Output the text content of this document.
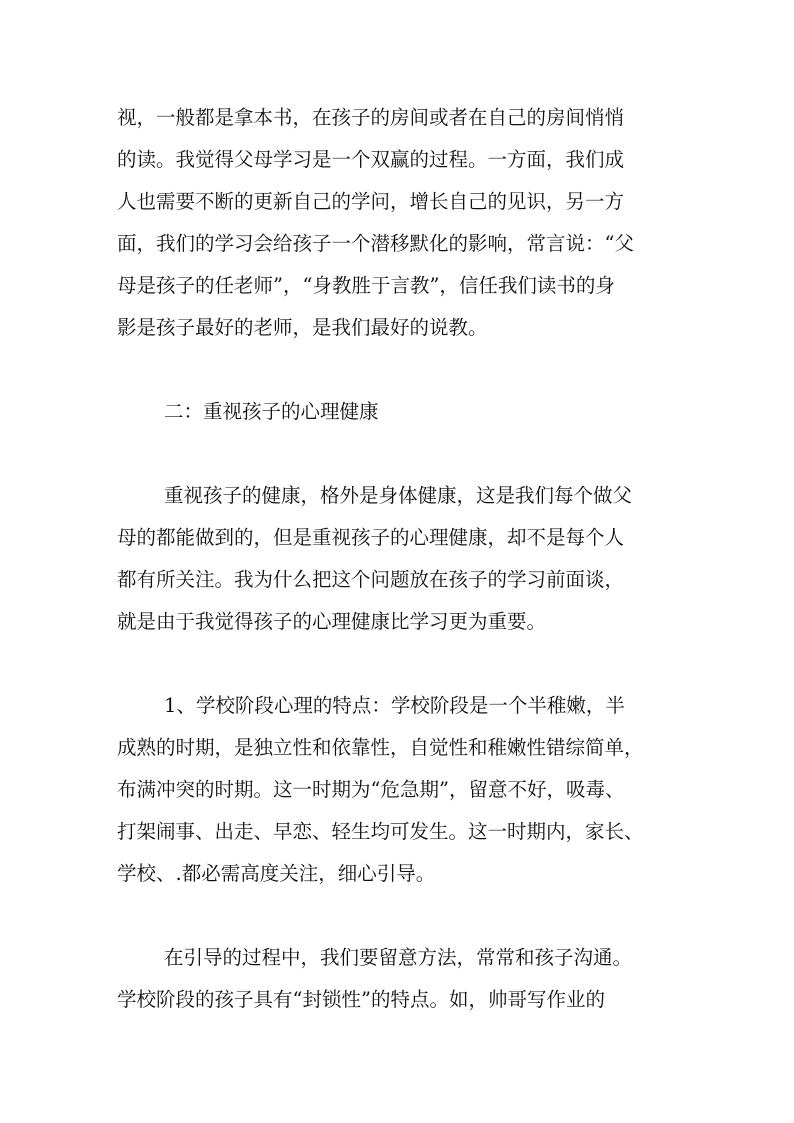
视，一般都是拿本书，在孩子的房间或者在自己的房间悄悄
的读。我觉得父母学习是一个双赢的过程。一方面，我们成
人也需要不断的更新自己的学问，增长自己的见识，另一方
面，我们的学习会给孩子一个潜移默化的影响，常言说：“父
母是孩子的任老师”，“身教胜于言教”，信任我们读书的身
影是孩子最好的老师，是我们最好的说教。
二：重视孩子的心理健康
重视孩子的健康，格外是身体健康，这是我们每个做父
母的都能做到的，但是重视孩子的心理健康，却不是每个人
都有所关注。我为什么把这个问题放在孩子的学习前面谈，
就是由于我觉得孩子的心理健康比学习更为重要。
1、学校阶段心理的特点：学校阶段是一个半稚嫩，半
成熟的时期，是独立性和依靠性，自觉性和稚嫩性错综简单，
布满冲突的时期。这一时期为“危急期”，留意不好，吸毒、
打架闹事、出走、早恋、轻生均可发生。这一时期内，家长、
学校、.都必需高度关注，细心引导。
在引导的过程中，我们要留意方法，常常和孩子沟通。
学校阶段的孩子具有“封锁性”的特点。如，帅哥写作业的
